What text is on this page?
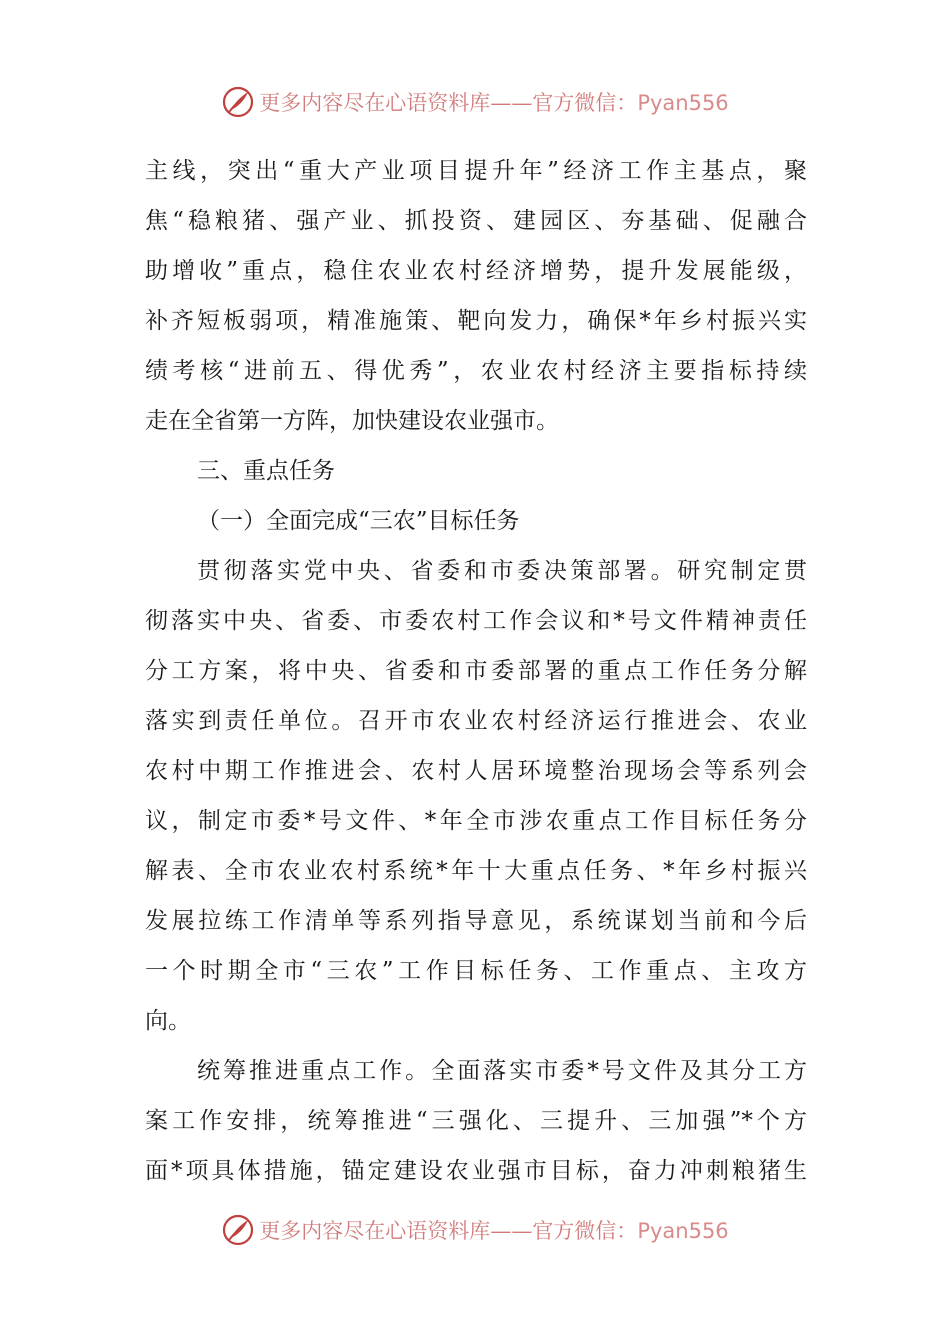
更多内容尽在心语资料库——官方微信：Pyan556
主线，突出“重大产业项目提升年”经济工作主基点，聚
焦“稳粮猪、强产业、抓投资、建园区、夯基础、促融合
助增收”重点，稳住农业农村经济增势，提升发展能级，
补齐短板弱项，精准施策、靶向发力，确保*年乡村振兴实
绩考核“进前五、得优秀”，农业农村经济主要指标持续
走在全省第一方阵，加快建设农业强市。
三、重点任务
（一）全面完成“三农”目标任务
贯彻落实党中央、省委和市委决策部署。研究制定贯
彻落实中央、省委、市委农村工作会议和*号文件精神责任
分工方案，将中央、省委和市委部署的重点工作任务分解
落实到责任单位。召开市农业农村经济运行推进会、农业
农村中期工作推进会、农村人居环境整治现场会等系列会
议，制定市委*号文件、*年全市涉农重点工作目标任务分
解表、全市农业农村系统*年十大重点任务、*年乡村振兴
发展拉练工作清单等系列指导意见，系统谋划当前和今后
一个时期全市“三农”工作目标任务、工作重点、主攻方
向。
统筹推进重点工作。全面落实市委*号文件及其分工方
案工作安排，统筹推进“三强化、三提升、三加强”*个方
面*项具体措施，锚定建设农业强市目标，奋力冲刺粮猪生
更多内容尽在心语资料库——官方微信：Pyan556
